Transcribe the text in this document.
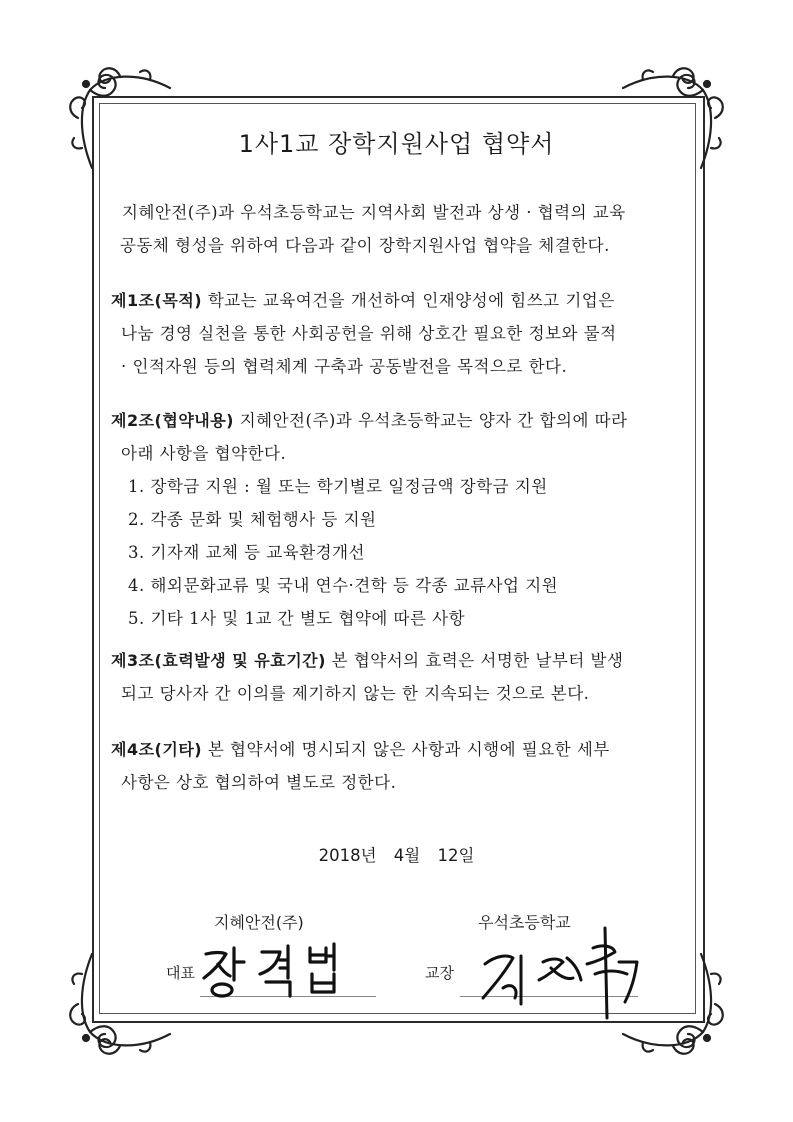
1사1교 장학지원사업 협약서
지혜안전(주)과 우석초등학교는 지역사회 발전과 상생 · 협력의 교육
공동체 형성을 위하여 다음과 같이 장학지원사업 협약을 체결한다.
제1조(목적) 학교는 교육여건을 개선하여 인재양성에 힘쓰고 기업은
나눔 경영 실천을 통한 사회공헌을 위해 상호간 필요한 정보와 물적
· 인적자원 등의 협력체계 구축과 공동발전을 목적으로 한다.
제2조(협약내용) 지혜안전(주)과 우석초등학교는 양자 간 합의에 따라
아래 사항을 협약한다.
1. 장학금 지원 : 월 또는 학기별로 일정금액 장학금 지원
2. 각종 문화 및 체험행사 등 지원
3. 기자재 교체 등 교육환경개선
4. 해외문화교류 및 국내 연수·견학 등 각종 교류사업 지원
5. 기타 1사 및 1교 간 별도 협약에 따른 사항
제3조(효력발생 및 유효기간) 본 협약서의 효력은 서명한 날부터 발생
되고 당사자 간 이의를 제기하지 않는 한 지속되는 것으로 본다.
제4조(기타) 본 협약서에 명시되지 않은 사항과 시행에 필요한 세부
사항은 상호 협의하여 별도로 정한다.
2018년 4월 12일
지혜안전(주)	우석초등학교
대표	교장
